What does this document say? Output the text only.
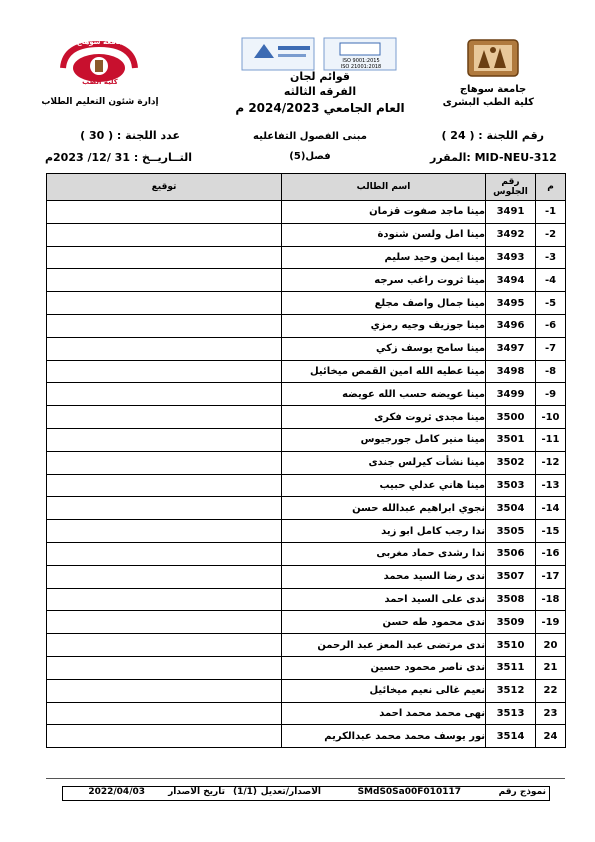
جامعة سوهاج
كلية الطب البشرى
ISO 9001:2015
ISO 21001:2018
جامعة سوهاج
كلية الطب
إدارة شئون التعليم الطلاب
قوائم لجان
الفرقه الثالثه
العام الجامعي 2024/2023 م
رقم اللجنة : ( 24 )
مبنى الفصول التفاعليه
عدد اللجنة : ( 30 )
المقرر: MID-NEU-312
فصل(5)
التــاريــخ : 31 /12/ 2023م
م	رقم الجلوس	اسم الطالب	توقيع
-1	3491	مينا ماجد صفوت قزمان	
-2	3492	مينا امل ولسن شنودة	
-3	3493	مينا ايمن وحيد سليم	
-4	3494	مينا ثروت راغب سرجه	
-5	3495	مينا جمال واصف مجلع	
-6	3496	مينا جوزيف وجيه رمزي	
-7	3497	مينا سامح يوسف زكي	
-8	3498	مينا عطيه الله امين القمص ميخائيل	
-9	3499	مينا عويضه حسب الله عويضه	
-10	3500	مينا مجدى ثروت فكرى	
-11	3501	مينا منير كامل جورجيوس	
-12	3502	مينا نشأت كيرلس جندى	
-13	3503	مينا هاني عدلي حبيب	
-14	3504	نجوي ابراهيم عبدالله حسن	
-15	3505	ندا رجب كامل ابو زيد	
-16	3506	ندا رشدى حماد مغربى	
-17	3507	ندى رضا السيد محمد	
-18	3508	ندى على السيد احمد	
-19	3509	ندى محمود طه حسن	
20	3510	ندى مرتضى عبد المعز عبد الرحمن	
21	3511	ندى ناصر محمود حسين	
22	3512	نعيم غالى نعيم ميخائيل	
23	3513	نهى محمد محمد احمد	
24	3514	نور يوسف محمد محمد عبدالكريم	
نموذج رقم
SMdS0Sa00F010117
الاصدار/تعديل
(1/1)
تاريخ الاصدار
2022/04/03
